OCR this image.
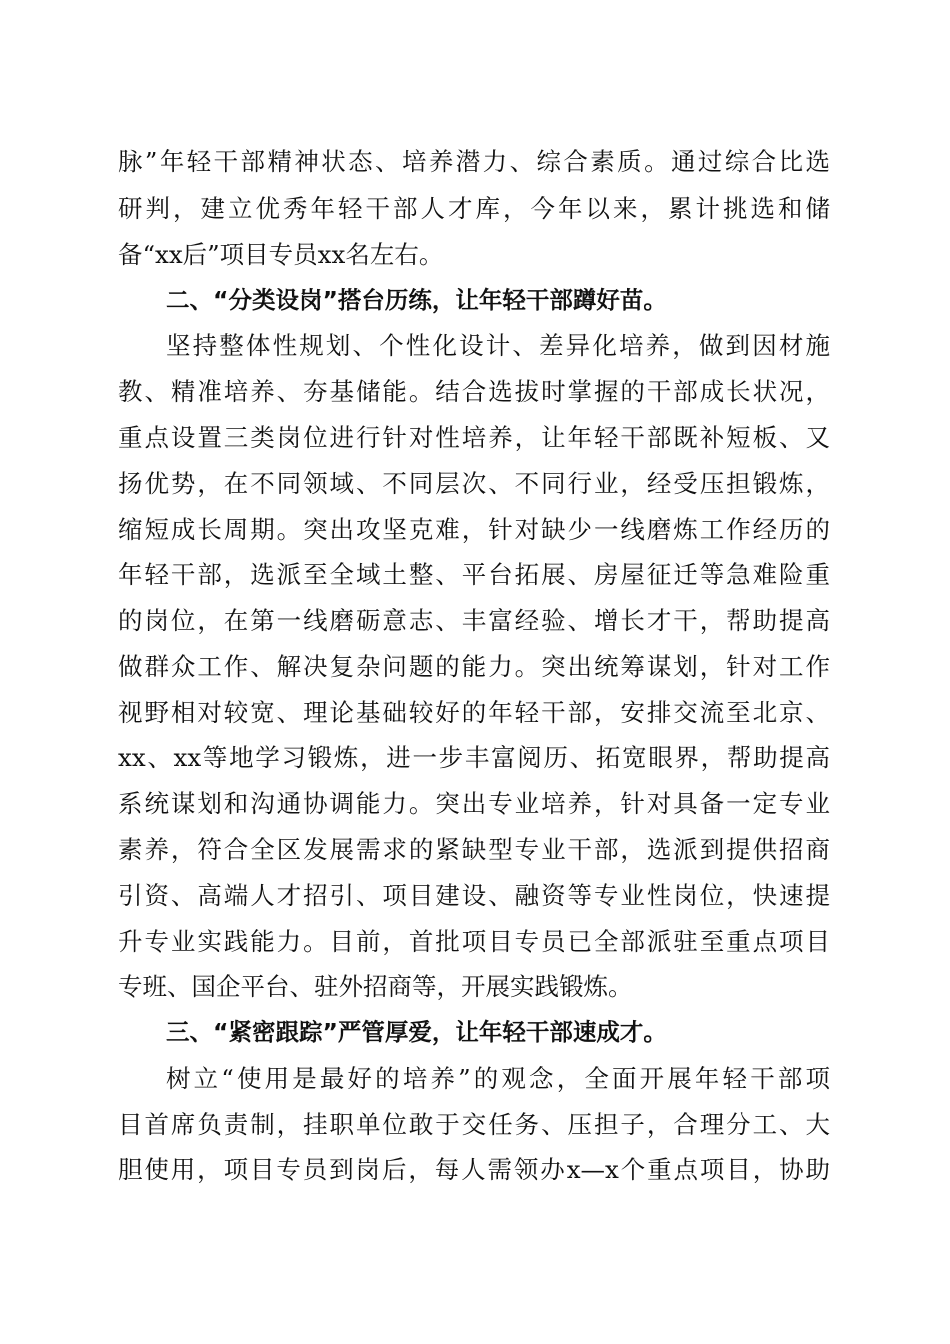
脉”年轻干部精神状态、培养潜力、综合素质。通过综合比选
研判，建立优秀年轻干部人才库，今年以来，累计挑选和储
备“xx后”项目专员xx名左右。
二、“分类设岗”搭台历练，让年轻干部蹲好苗。
坚持整体性规划、个性化设计、差异化培养，做到因材施
教、精准培养、夯基储能。结合选拔时掌握的干部成长状况，
重点设置三类岗位进行针对性培养，让年轻干部既补短板、又
扬优势，在不同领域、不同层次、不同行业，经受压担锻炼，
缩短成长周期。突出攻坚克难，针对缺少一线磨炼工作经历的
年轻干部，选派至全域土整、平台拓展、房屋征迁等急难险重
的岗位，在第一线磨砺意志、丰富经验、增长才干，帮助提高
做群众工作、解决复杂问题的能力。突出统筹谋划，针对工作
视野相对较宽、理论基础较好的年轻干部，安排交流至北京、
xx、xx等地学习锻炼，进一步丰富阅历、拓宽眼界，帮助提高
系统谋划和沟通协调能力。突出专业培养，针对具备一定专业
素养，符合全区发展需求的紧缺型专业干部，选派到提供招商
引资、高端人才招引、项目建设、融资等专业性岗位，快速提
升专业实践能力。目前，首批项目专员已全部派驻至重点项目
专班、国企平台、驻外招商等，开展实践锻炼。
三、“紧密跟踪”严管厚爱，让年轻干部速成才。
树立“使用是最好的培养”的观念，全面开展年轻干部项
目首席负责制，挂职单位敢于交任务、压担子，合理分工、大
胆使用，项目专员到岗后，每人需领办x—x个重点项目，协助
